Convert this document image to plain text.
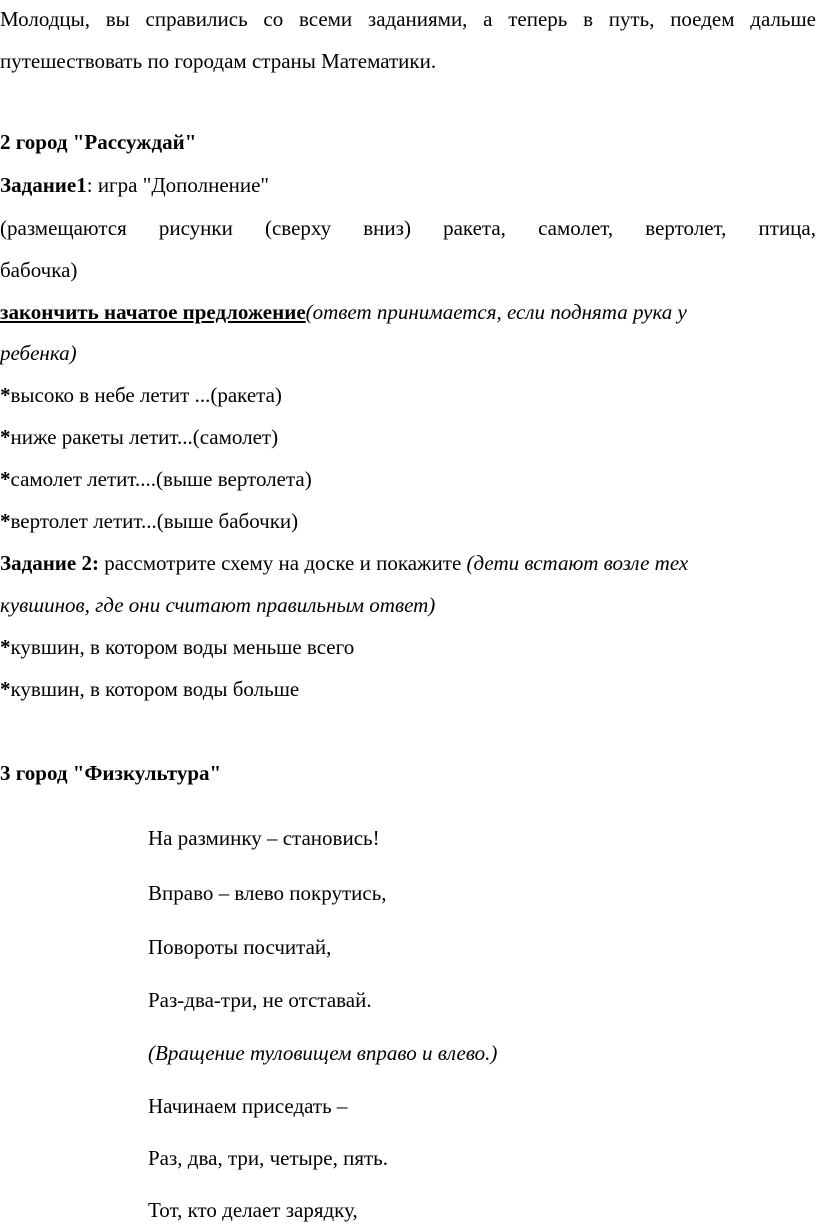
Молодцы, вы справились со всеми заданиями, а теперь в путь, поедем дальше
путешествовать по городам страны Математики.
2 город "Рассуждай"
Задание1: игра "Дополнение"
(размещаются рисунки (сверху вниз) ракета, самолет, вертолет, птица,
бабочка)
закончить начатое предложение(ответ принимается, если поднята рука у
ребенка)
*высоко в небе летит ...(ракета)
*ниже ракеты летит...(самолет)
*самолет летит....(выше вертолета)
*вертолет летит...(выше бабочки)
Задание 2: рассмотрите схему на доске и покажите (дети встают возле тех
кувшинов, где они считают правильным ответ)
*кувшин, в котором воды меньше всего
*кувшин, в котором воды больше
3 город "Физкультура"
На разминку – становись!
Вправо – влево покрутись,
Повороты посчитай,
Раз-два-три, не отставай.
(Вращение туловищем вправо и влево.)
Начинаем приседать –
Раз, два, три, четыре, пять.
Тот, кто делает зарядку,
